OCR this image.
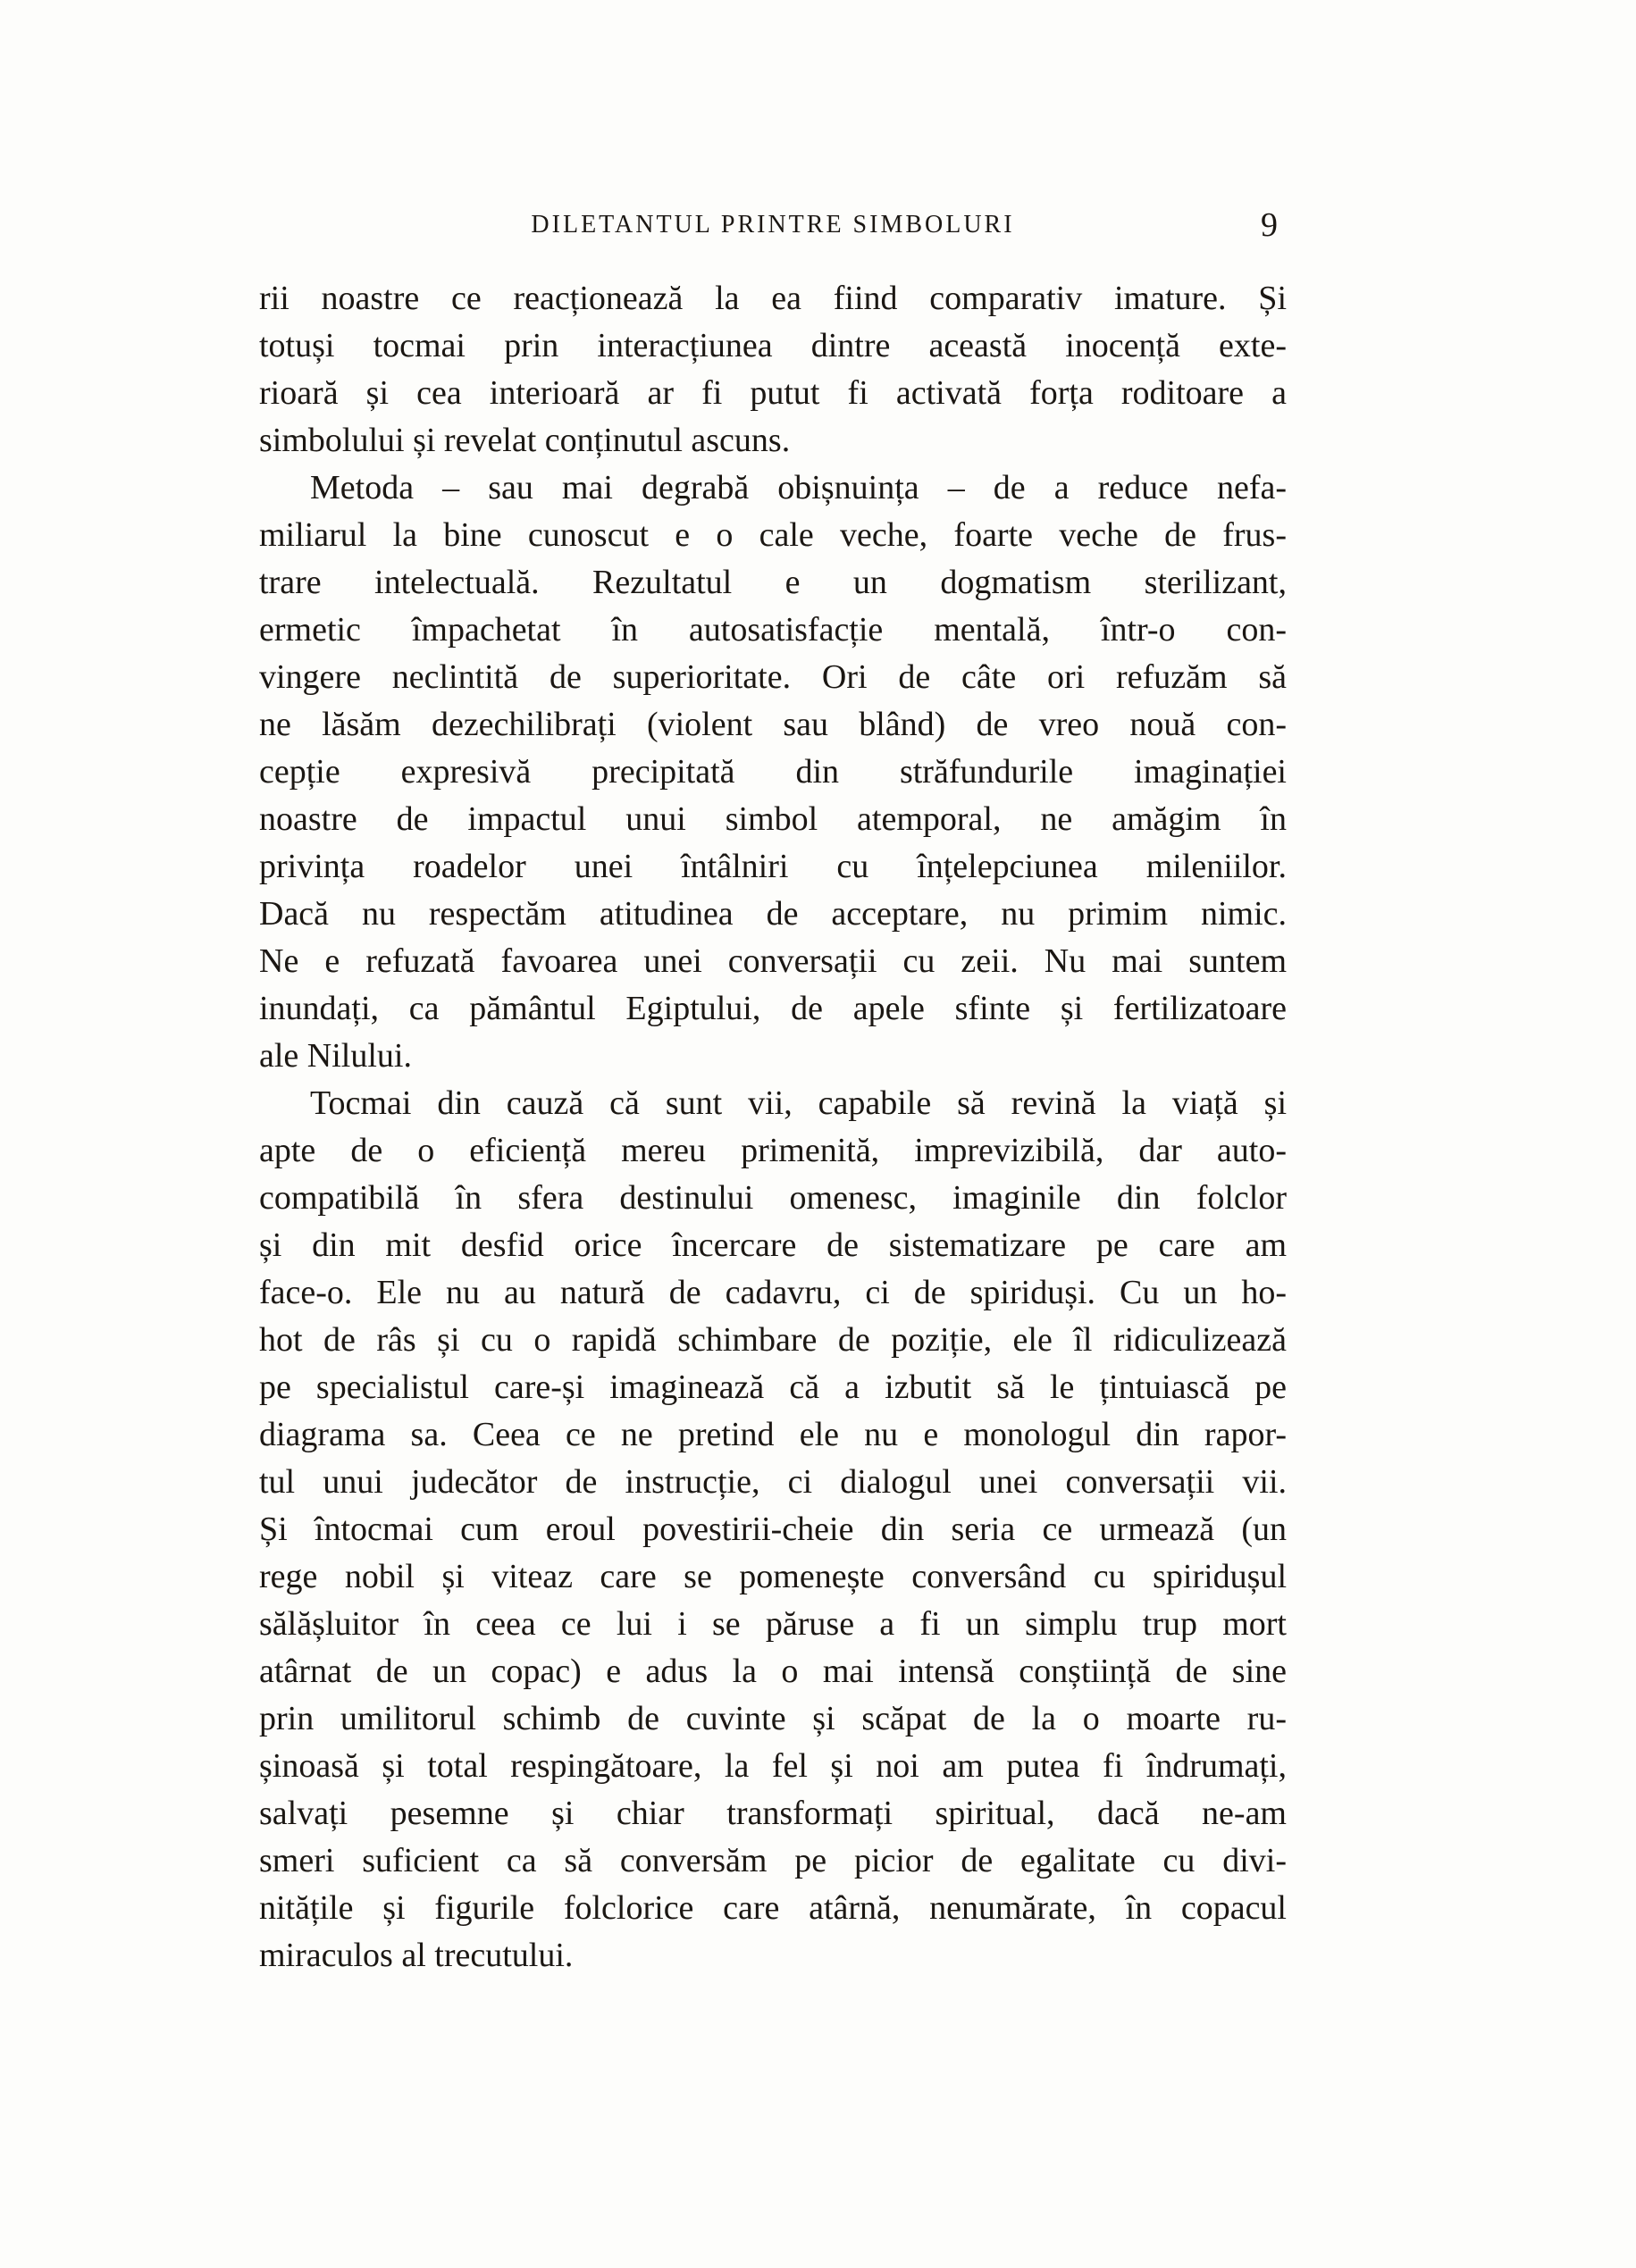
DILETANTUL PRINTRE SIMBOLURI	9
rii noastre ce reacționează la ea fiind comparativ imature. Și
totuși tocmai prin interacțiunea dintre această inocență exte-
rioară și cea interioară ar fi putut fi activată forța roditoare a
simbolului și revelat conținutul ascuns.
Metoda – sau mai degrabă obișnuința – de a reduce nefa-
miliarul la bine cunoscut e o cale veche, foarte veche de frus-
trare intelectuală. Rezultatul e un dogmatism sterilizant,
ermetic împachetat în autosatisfacție mentală, într-o con-
vingere neclintită de superioritate. Ori de câte ori refuzăm să
ne lăsăm dezechilibrați (violent sau blând) de vreo nouă con-
cepție expresivă precipitată din străfundurile imaginației
noastre de impactul unui simbol atemporal, ne amăgim în
privința roadelor unei întâlniri cu înțelepciunea mileniilor.
Dacă nu respectăm atitudinea de acceptare, nu primim nimic.
Ne e refuzată favoarea unei conversații cu zeii. Nu mai suntem
inundați, ca pământul Egiptului, de apele sfinte și fertilizatoare
ale Nilului.
Tocmai din cauză că sunt vii, capabile să revină la viață și
apte de o eficiență mereu primenită, imprevizibilă, dar auto-
compatibilă în sfera destinului omenesc, imaginile din folclor
și din mit desfid orice încercare de sistematizare pe care am
face-o. Ele nu au natură de cadavru, ci de spiriduși. Cu un ho-
hot de râs și cu o rapidă schimbare de poziție, ele îl ridiculizează
pe specialistul care-și imaginează că a izbutit să le țintuiască pe
diagrama sa. Ceea ce ne pretind ele nu e monologul din rapor-
tul unui judecător de instrucție, ci dialogul unei conversații vii.
Și întocmai cum eroul povestirii-cheie din seria ce urmează (un
rege nobil și viteaz care se pomenește conversând cu spiridușul
sălășluitor în ceea ce lui i se păruse a fi un simplu trup mort
atârnat de un copac) e adus la o mai intensă conștiință de sine
prin umilitorul schimb de cuvinte și scăpat de la o moarte ru-
șinoasă și total respingătoare, la fel și noi am putea fi îndrumați,
salvați pesemne și chiar transformați spiritual, dacă ne-am
smeri suficient ca să conversăm pe picior de egalitate cu divi-
nitățile și figurile folclorice care atârnă, nenumărate, în copacul
miraculos al trecutului.
